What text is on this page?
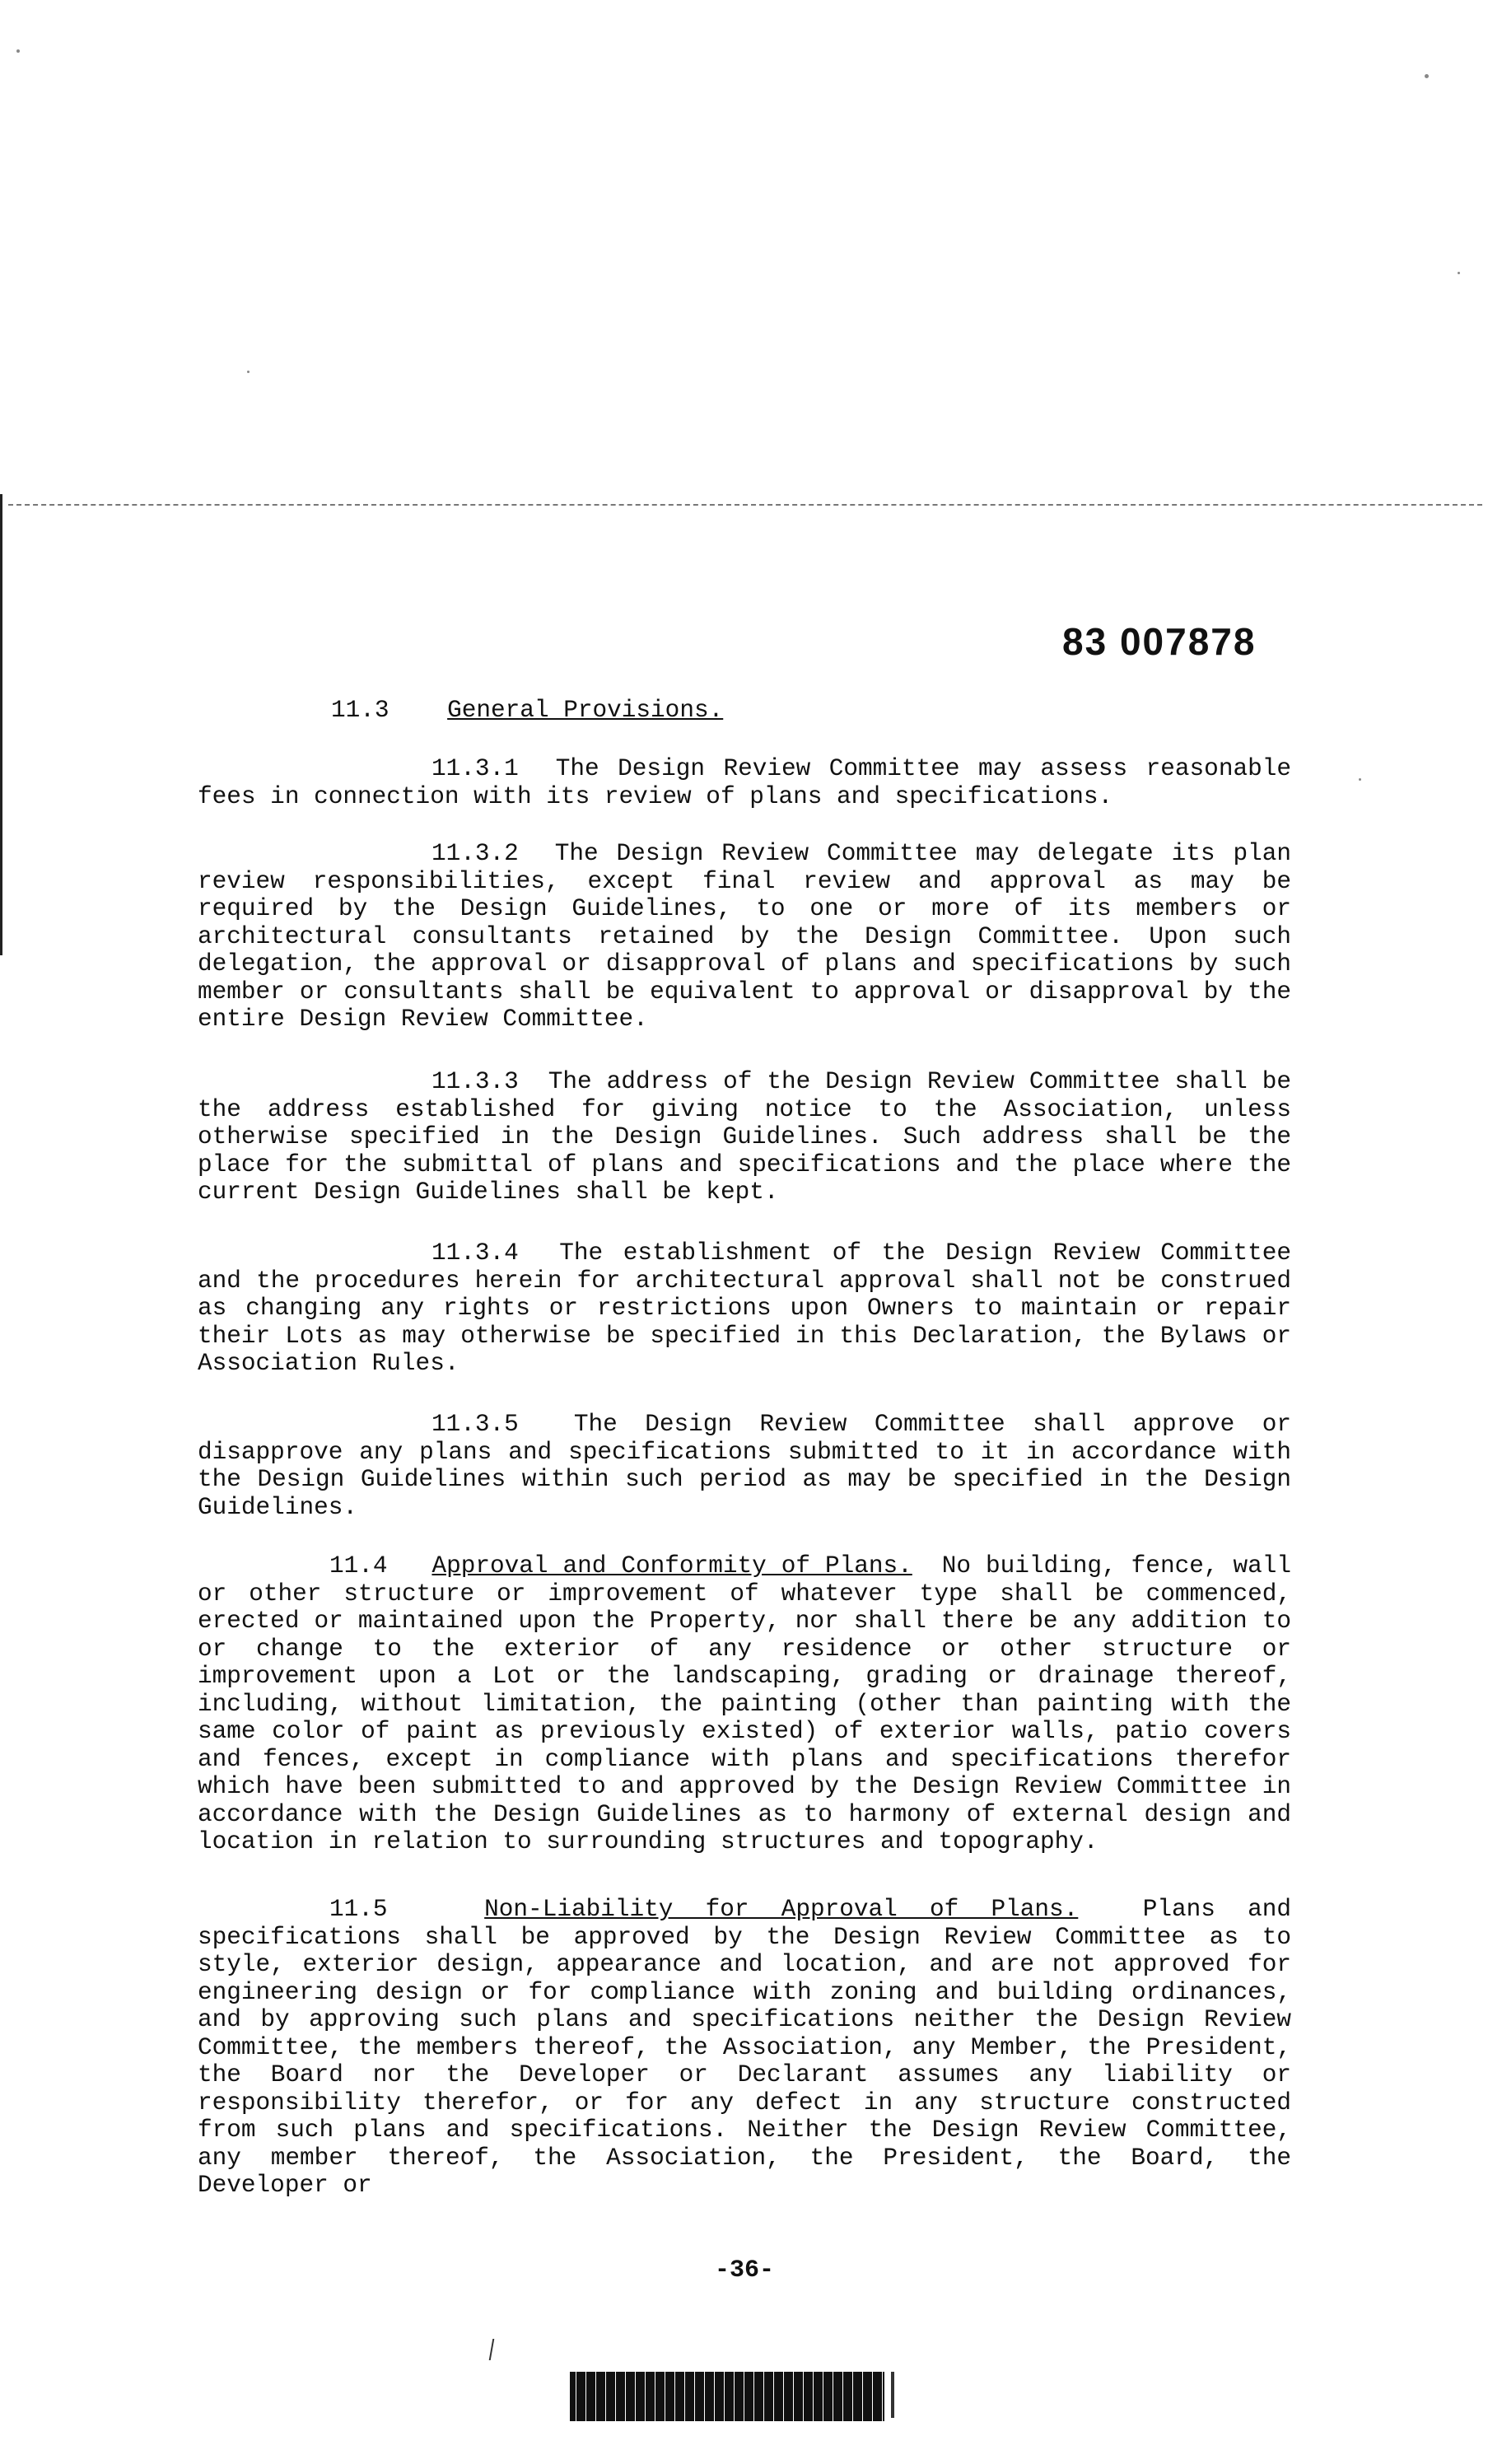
83 007878
11.3 General Provisions.

11.3.1 The Design Review Committee may assess reasonable fees in connection with its review of plans and specifications.

11.3.2 The Design Review Committee may delegate its plan review responsibilities, except final review and approval as may be required by the Design Guidelines, to one or more of its members or architectural consultants retained by the Design Committee. Upon such delegation, the approval or disapproval of plans and specifications by such member or consultants shall be equivalent to approval or disapproval by the entire Design Review Committee.

11.3.3 The address of the Design Review Committee shall be the address established for giving notice to the Association, unless otherwise specified in the Design Guidelines. Such address shall be the place for the submittal of plans and specifications and the place where the current Design Guidelines shall be kept.

11.3.4 The establishment of the Design Review Committee and the procedures herein for architectural approval shall not be construed as changing any rights or restrictions upon Owners to maintain or repair their Lots as may otherwise be specified in this Declaration, the Bylaws or Association Rules.

11.3.5 The Design Review Committee shall approve or disapprove any plans and specifications submitted to it in accordance with the Design Guidelines within such period as may be specified in the Design Guidelines.

11.4 Approval and Conformity of Plans. No building, fence, wall or other structure or improvement of whatever type shall be commenced, erected or maintained upon the Property, nor shall there be any addition to or change to the exterior of any residence or other structure or improvement upon a Lot or the landscaping, grading or drainage thereof, including, without limitation, the painting (other than painting with the same color of paint as previously existed) of exterior walls, patio covers and fences, except in compliance with plans and specifications therefor which have been submitted to and approved by the Design Review Committee in accordance with the Design Guidelines as to harmony of external design and location in relation to surrounding structures and topography.

11.5	Non-Liability for Approval of Plans.	Plans and specifications shall be approved by the Design Review Committee as to style, exterior design, appearance and location, and are not approved for engineering design or for compliance with zoning and building ordinances, and by approving such plans and specifications neither the Design Review Committee, the members thereof, the Association, any Member, the President, the Board nor the Developer or Declarant assumes any liability or responsibility therefor, or for any defect in any structure constructed from such plans and specifications. Neither the Design Review Committee, any member thereof, the Association, the President, the Board, the Developer or

-36-
